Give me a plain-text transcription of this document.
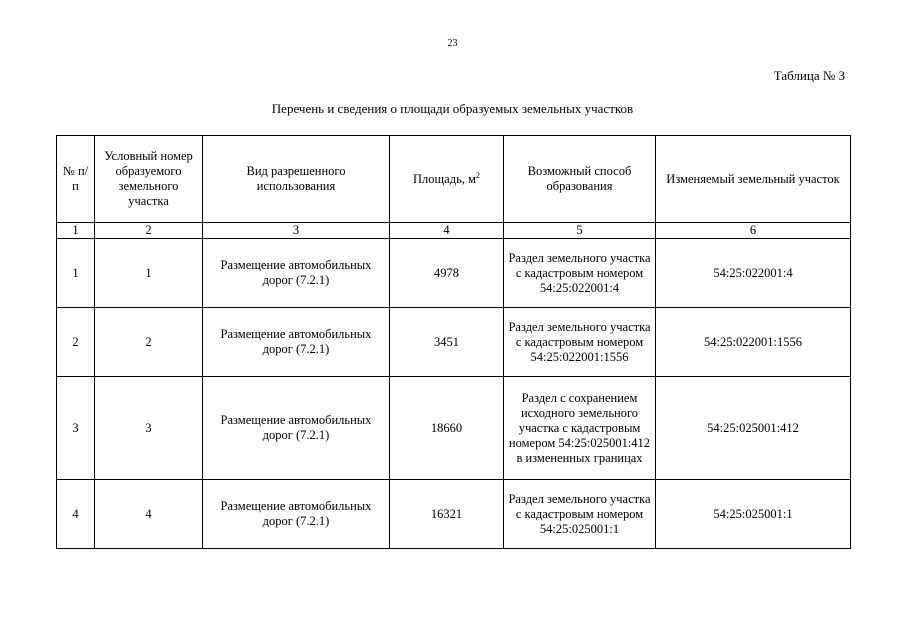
23
Таблица № 3
Перечень и сведения о площади образуемых земельных участков
№ п/п	Условный номер образуемого земельного участка	Вид разрешенного использования	Площадь, $м^2$	Возможный способ образования	Изменяемый земельный участок
1	2	3	4	5	6
1	1	Размещение автомобильных дорог (7.2.1)	4978	Раздел земельного участка с кадастровым номером 54:25:022001:4	54:25:022001:4
2	2	Размещение автомобильных дорог (7.2.1)	3451	Раздел земельного участка с кадастровым номером 54:25:022001:1556	54:25:022001:1556
3	3	Размещение автомобильных дорог (7.2.1)	18660	Раздел с сохранением исходного земельного участка с кадастровым номером 54:25:025001:412 в измененных границах	54:25:025001:412
4	4	Размещение автомобильных дорог (7.2.1)	16321	Раздел земельного участка с кадастровым номером 54:25:025001:1	54:25:025001:1
